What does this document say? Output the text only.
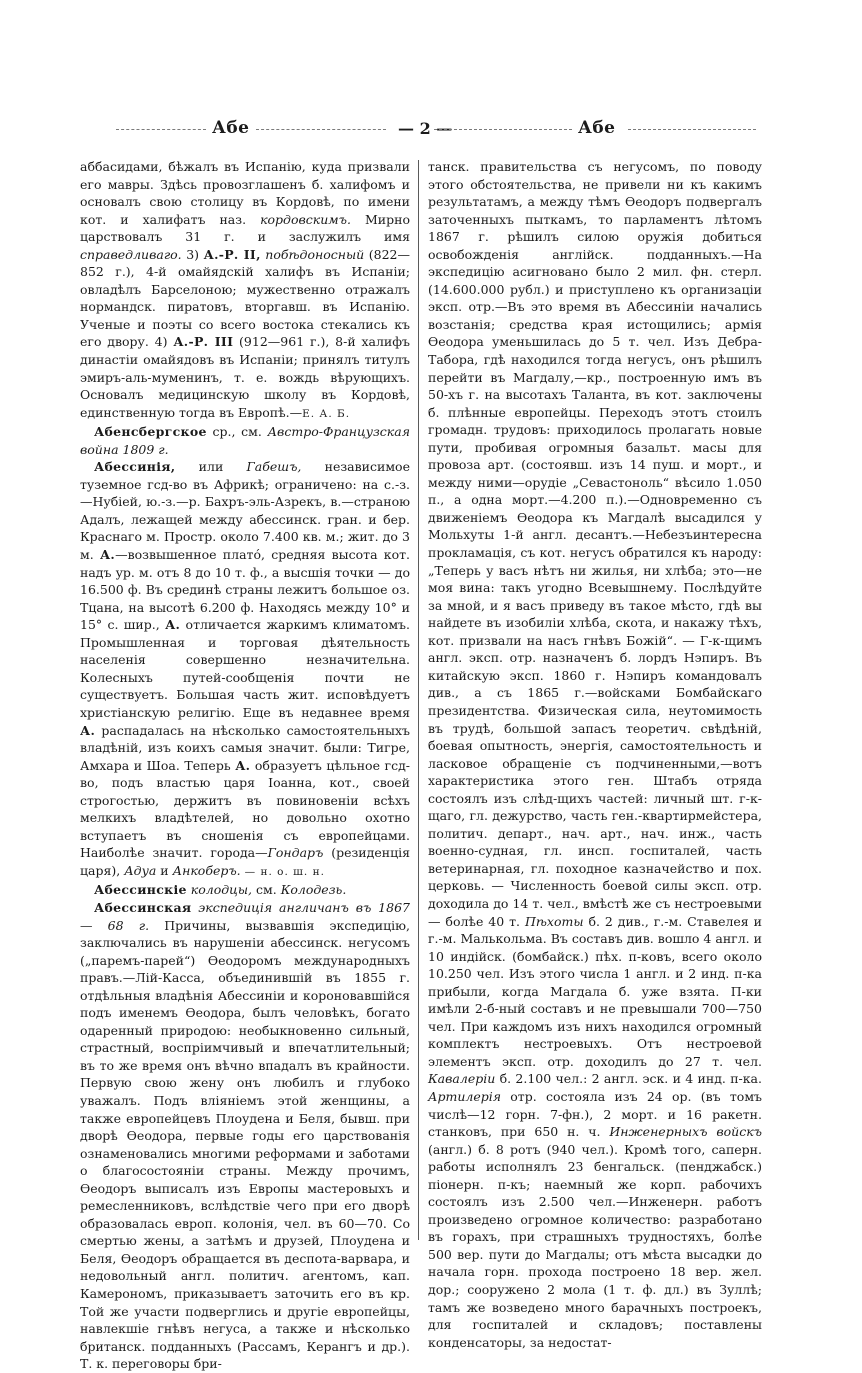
Абе	— 2 —	Абе

аббасидами, бѣжалъ въ Испанію, куда призвали его мавры. Здѣсь провозглашенъ б. халифомъ и основалъ свою столицу въ Кордовѣ, по имени кот. и халифатъ наз. кордовскимъ. Мирно царствовалъ 31 г. и заслужилъ имя справедливаго. 3) А.-Р. II, побѣдоносный (822—852 г.), 4-й омайядскій халифъ въ Испаніи; овладѣлъ Барселоною; мужественно отражалъ нормандск. пиратовъ, вторгавш. въ Испанію. Ученые и поэты со всего востока стекались къ его двору. 4) А.-Р. III (912—961 г.), 8-й халифъ династіи омайядовъ въ Испаніи; принялъ титулъ эмиръ-аль-муменинъ, т. е. вождь вѣрующихъ. Основалъ медицинскую школу въ Кордовѣ, единственную тогда въ Европѣ.—Е. А. Б.

Абенсбергское ср., см. Австро-Французская война 1809 г.

Абессинія, или Габешъ, независимое туземное гсд-во въ Африкѣ; ограничено: на с.-з.—Нубіей, ю.-з.—р. Бахръ-эль-Азрекъ, в.—страною Адалъ, лежащей между абессинск. гран. и бер. Краснаго м. Простр. около 7.400 кв. м.; жит. до 3 м. А.—возвышенное платó, средняя высота кот. надъ ур. м. отъ 8 до 10 т. ф., а высшія точки — до 16.500 ф. Въ срединѣ страны лежитъ большое оз. Тцана, на высотѣ 6.200 ф. Находясь между 10° и 15° с. шир., А. отличается жаркимъ климатомъ. Промышленная и торговая дѣятельность населенія совершенно незначительна. Колесныхъ путей-сообщенія почти не существуетъ. Большая часть жит. исповѣдуетъ христіанскую религію. Еще въ недавнее время А. распадалась на нѣсколько самостоятельныхъ владѣній, изъ коихъ самыя значит. были: Тигре, Амхара и Шоа. Теперь А. образуетъ цѣльное гсд-во, подъ властью царя Іоанна, кот., своей строгостью, держитъ въ повиновеніи всѣхъ мелкихъ владѣтелей, но довольно охотно вступаетъ въ сношенія съ европейцами. Наиболѣе значит. города—Гондаръ (резиденція царя), Адуа и Анкоберъ. — н. о. ш. н.

Абессинскіе колодцы, см. Колодезь.

Абессинская экспедиція англичанъ въ 1867 — 68 г. Причины, вызвавшія экспедицію, заключались въ нарушеніи абессинск. негусомъ („паремъ-парей“) Ѳеодоромъ международныхъ правъ.—Лій-Касса, объединившій въ 1855 г. отдѣльныя владѣнія Абессиніи и короновавшійся подъ именемъ Ѳеодора, былъ человѣкъ, богато одаренный природою: необыкновенно сильный, страстный, воспріимчивый и впечатлительный; въ то же время онъ вѣчно впадалъ въ крайности. Первую свою жену онъ любилъ и глубоко уважалъ. Подъ вліяніемъ этой женщины, а также европейцевъ Плоудена и Беля, бывш. при дворѣ Ѳеодора, первые годы его царствованія ознаменовались многими реформами и заботами о благосостояніи страны. Между прочимъ, Ѳеодоръ выписалъ изъ Европы мастеровыхъ и ремесленниковъ, вслѣдствіе чего при его дворѣ образовалась европ. колонія, чел. въ 60—70. Со смертью жены, а затѣмъ и друзей, Плоудена и Беля, Ѳеодоръ обращается въ деспота-варвара, и недовольный англ. политич. агентомъ, кап. Камерономъ, приказываетъ заточить его въ кр. Той же участи подверглись и другіе европейцы, навлекшіе гнѣвъ негуса, а также и нѣсколько британск. подданныхъ (Рассамъ, Керангъ и др.). Т. к. переговоры бри-

танск. правительства съ негусомъ, по поводу этого обстоятельства, не привели ни къ какимъ результатамъ, а между тѣмъ Ѳеодоръ подвергалъ заточенныхъ пыткамъ, то парламентъ лѣтомъ 1867 г. рѣшилъ силою оружія добиться освобожденія англійск. подданныхъ.—На экспедицію асигновано было 2 мил. фн. стерл. (14.600.000 рубл.) и приступлено къ организаціи эксп. отр.—Въ это время въ Абессиніи начались возстанія; средства края истощились; армія Ѳеодора уменьшилась до 5 т. чел. Изъ Дебра-Табора, гдѣ находился тогда негусъ, онъ рѣшилъ перейти въ Магдалу,—кр., построенную имъ въ 50-хъ г. на высотахъ Таланта, въ кот. заключены б. плѣнные европейцы. Переходъ этотъ стоилъ громадн. трудовъ: приходилось пролагать новые пути, пробивая огромныя базальт. масы для провоза арт. (состоявш. изъ 14 пуш. и морт., и между ними—орудіе „Севастоноль“ вѣсило 1.050 п., а одна морт.—4.200 п.).—Одновременно съ движеніемъ Ѳеодора къ Магдалѣ высадился у Мольхуты 1-й англ. десантъ.—Небезъинтересна прокламація, съ кот. негусъ обратился къ народу: „Теперь у васъ нѣтъ ни жилья, ни хлѣба; это—не моя вина: такъ угодно Всевышнему. Послѣдуйте за мной, и я васъ приведу въ такое мѣсто, гдѣ вы найдете въ изобиліи хлѣба, скота, и накажу тѣхъ, кот. призвали на насъ гнѣвъ Божій“. — Г-к-щимъ англ. эксп. отр. назначенъ б. лордъ Нэпиръ. Въ китайскую эксп. 1860 г. Нэпиръ командовалъ див., а съ 1865 г.—войсками Бомбайскаго президентства. Физическая сила, неутомимость въ трудѣ, большой запасъ теоретич. свѣдѣній, боевая опытность, энергія, самостоятельность и ласковое обращеніе съ подчиненными,—вотъ характеристика этого ген. Штабъ отряда состоялъ изъ слѣд-щихъ частей: личный шт. г-к-щаго, гл. дежурство, часть ген.-квартирмейстера, политич. департ., нач. арт., нач. инж., часть военно-судная, гл. инсп. госпиталей, часть ветеринарная, гл. походное казначейство и пох. церковь. — Численность боевой силы эксп. отр. доходила до 14 т. чел., вмѣстѣ же съ нестроевыми — болѣе 40 т. Пѣхоты б. 2 див., г.-м. Ставелея и г.-м. Малькольма. Въ составъ див. вошло 4 англ. и 10 индійск. (бомбайск.) пѣх. п-ковъ, всего около 10.250 чел. Изъ этого числа 1 англ. и 2 инд. п-ка прибыли, когда Магдала б. уже взята. П-ки имѣли 2-б-ный составъ и не превышали 700—750 чел. При каждомъ изъ нихъ находился огромный комплектъ нестроевыхъ. Отъ нестроевой элементъ эксп. отр. доходилъ до 27 т. чел. Кавалеріи б. 2.100 чел.: 2 англ. эск. и 4 инд. п-ка. Артилерія отр. состояла изъ 24 ор. (въ томъ числѣ—12 горн. 7-фн.), 2 морт. и 16 ракетн. станковъ, при 650 н. ч. Инженерныхъ войскъ (англ.) б. 8 ротъ (940 чел.). Кромѣ того, саперн. работы исполнялъ 23 бенгальск. (пенджабск.) піонерн. п-къ; наемный же корп. рабочихъ состоялъ изъ 2.500 чел.—Инженерн. работъ произведено огромное количество: разработано въ горахъ, при страшныхъ трудностяхъ, болѣе 500 вер. пути до Магдалы; отъ мѣста высадки до начала горн. прохода построено 18 вер. жел. дор.; сооружено 2 мола (1 т. ф. дл.) въ Зуллѣ; тамъ же возведено много барачныхъ построекъ, для госпиталей и складовъ; поставлены конденсаторы, за недостат-
